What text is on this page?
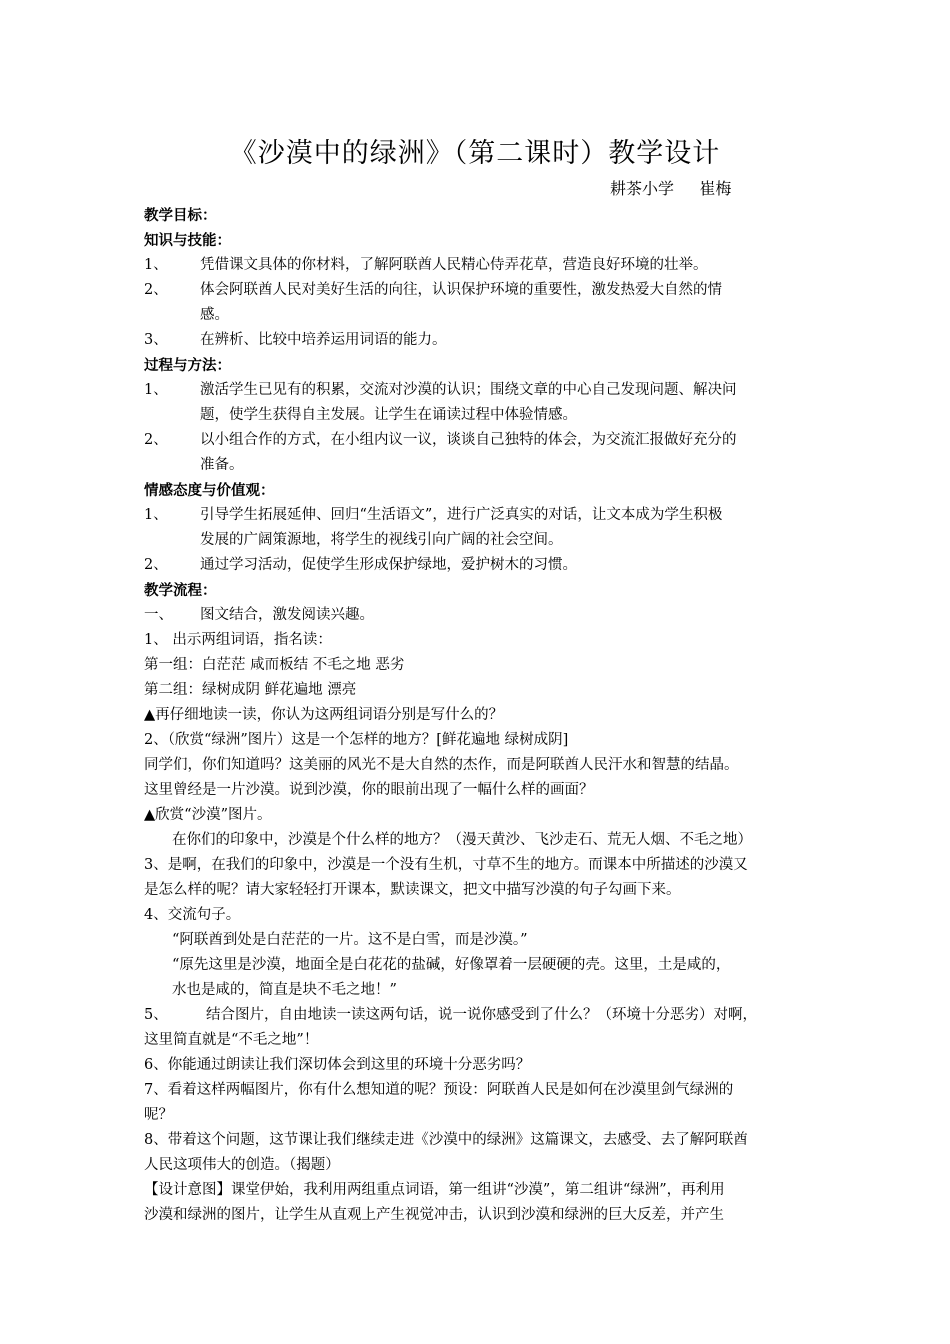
《沙漠中的绿洲》（第二课时）教学设计
耕茶小学     崔梅
教学目标：
知识与技能：
1、	凭借课文具体的你材料，了解阿联酋人民精心侍弄花草，营造良好环境的壮举。
2、	体会阿联酋人民对美好生活的向往，认识保护环境的重要性，激发热爱大自然的情
感。
3、	在辨析、比较中培养运用词语的能力。
过程与方法：
1、	激活学生已见有的积累，交流对沙漠的认识；围绕文章的中心自己发现问题、解决问
题，使学生获得自主发展。让学生在诵读过程中体验情感。
2、	以小组合作的方式，在小组内议一议，谈谈自己独特的体会，为交流汇报做好充分的
准备。
情感态度与价值观：
1、	引导学生拓展延伸、回归“生活语文”，进行广泛真实的对话，让文本成为学生积极
发展的广阔策源地，将学生的视线引向广阔的社会空间。
2、	通过学习活动，促使学生形成保护绿地，爱护树木的习惯。
教学流程：
一、	图文结合，激发阅读兴趣。
1、 出示两组词语，指名读：
第一组：白茫茫 咸而板结 不毛之地 恶劣
第二组：绿树成阴 鲜花遍地 漂亮
▲再仔细地读一读，你认为这两组词语分别是写什么的？
2、（欣赏“绿洲”图片）这是一个怎样的地方？[鲜花遍地 绿树成阴]
同学们，你们知道吗？这美丽的风光不是大自然的杰作，而是阿联酋人民汗水和智慧的结晶。
这里曾经是一片沙漠。说到沙漠，你的眼前出现了一幅什么样的画面？
▲欣赏“沙漠”图片。
在你们的印象中，沙漠是个什么样的地方？（漫天黄沙、飞沙走石、荒无人烟、不毛之地）
3、是啊，在我们的印象中，沙漠是一个没有生机，寸草不生的地方。而课本中所描述的沙漠又
是怎么样的呢？请大家轻轻打开课本，默读课文，把文中描写沙漠的句子勾画下来。
4、交流句子。
“阿联酋到处是白茫茫的一片。这不是白雪，而是沙漠。”
“原先这里是沙漠，地面全是白花花的盐碱，好像罩着一层硬硬的壳。这里，土是咸的，
水也是咸的，简直是块不毛之地！”
5、	结合图片，自由地读一读这两句话，说一说你感受到了什么？（环境十分恶劣）对啊，
这里简直就是“不毛之地”！
6、你能通过朗读让我们深切体会到这里的环境十分恶劣吗？
7、看着这样两幅图片，你有什么想知道的呢？预设：阿联酋人民是如何在沙漠里剑气绿洲的
呢？
8、带着这个问题，这节课让我们继续走进《沙漠中的绿洲》这篇课文，去感受、去了解阿联酋
人民这项伟大的创造。（揭题）
【设计意图】课堂伊始，我利用两组重点词语，第一组讲“沙漠”，第二组讲“绿洲”，再利用
沙漠和绿洲的图片，让学生从直观上产生视觉冲击，认识到沙漠和绿洲的巨大反差，并产生
